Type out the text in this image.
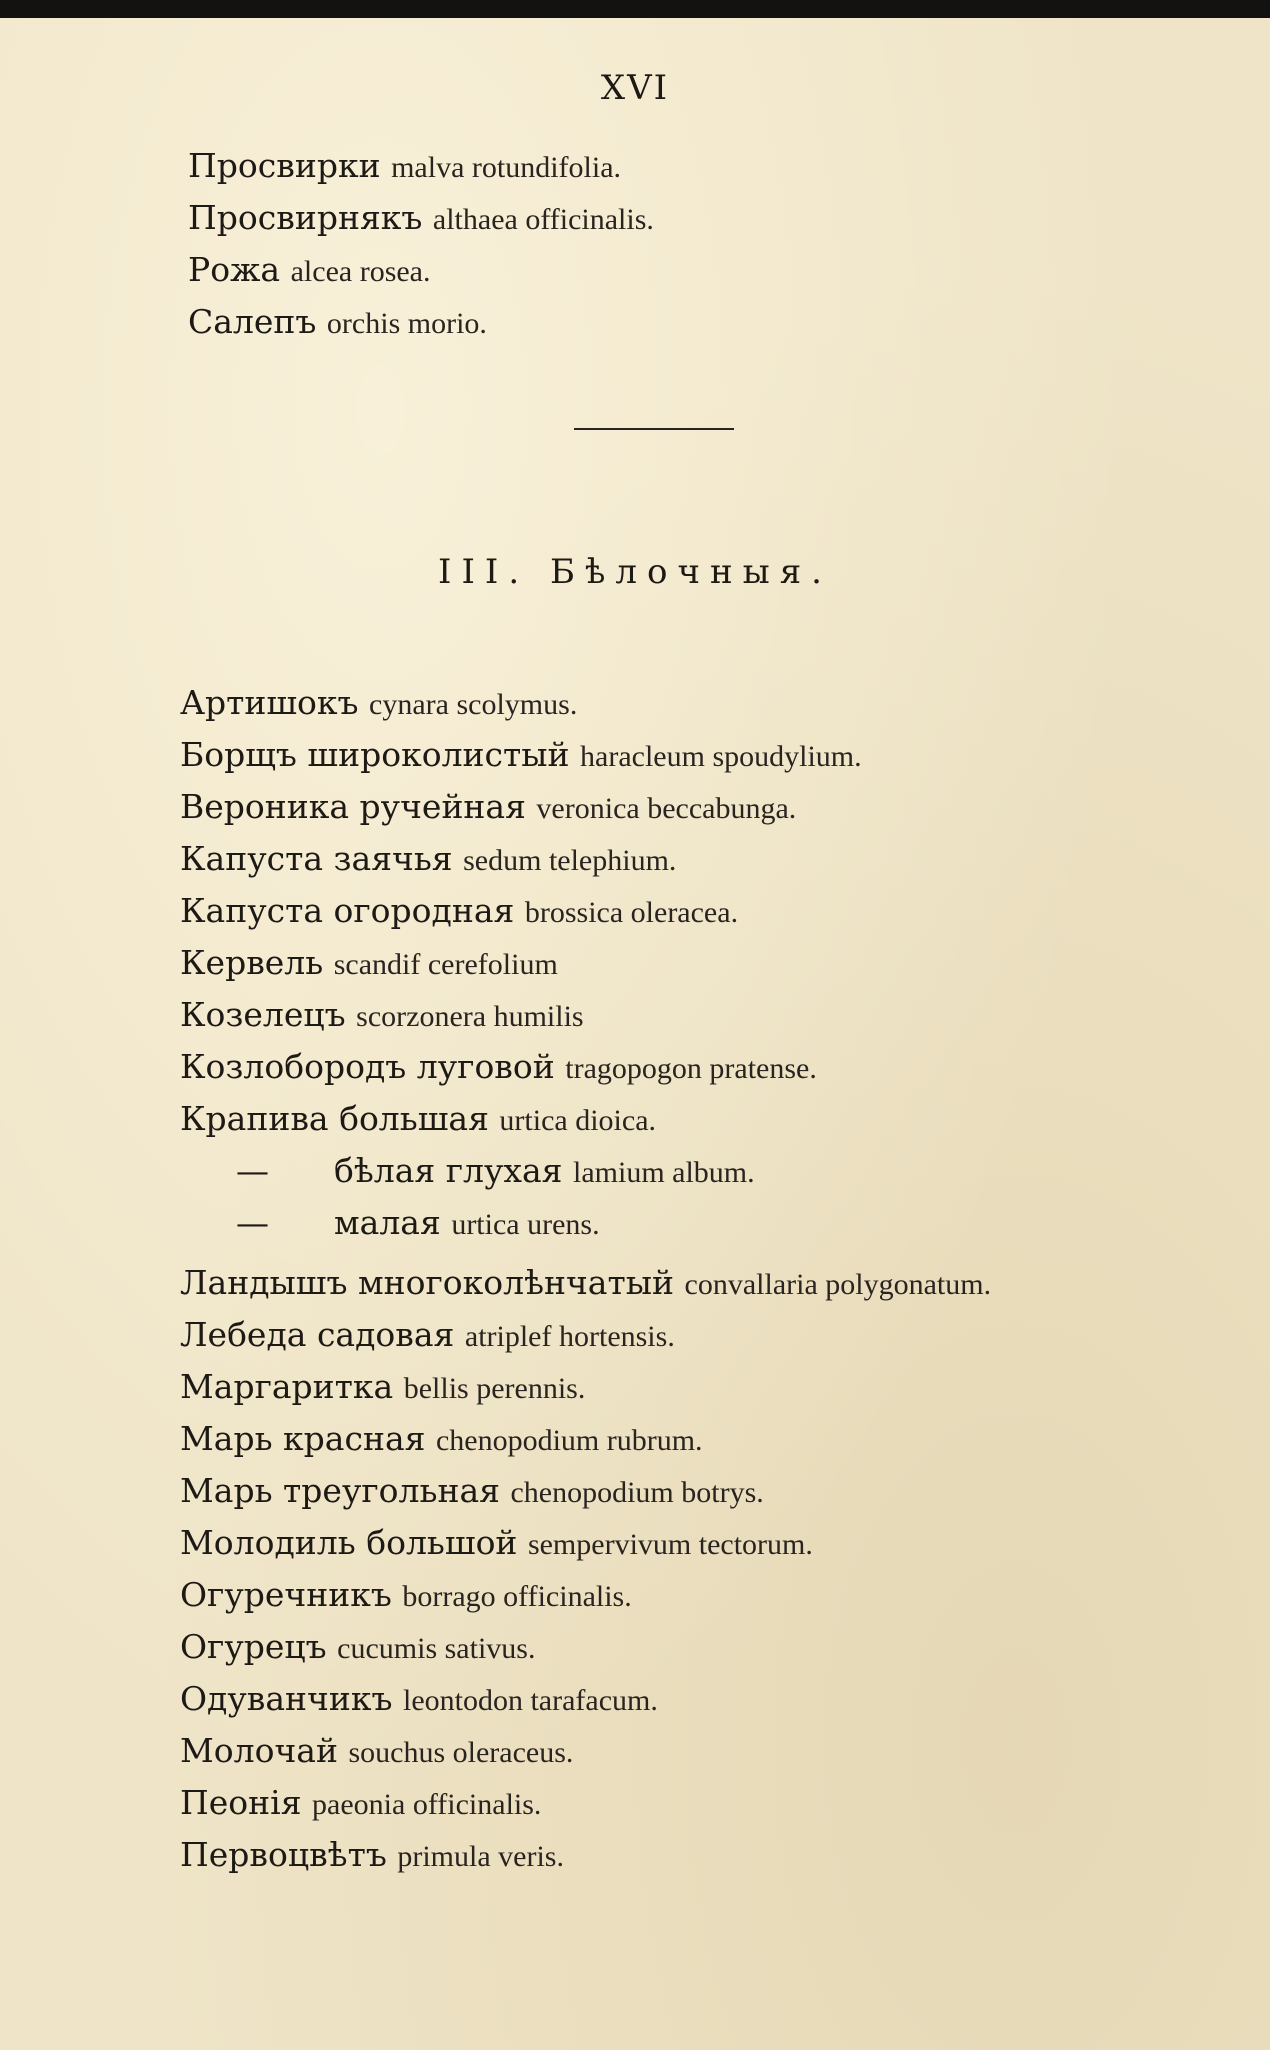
XVI
Просвирки malva rotundifolia.
Просвирнякъ althaea officinalis.
Рожа alcea rosea.
Салепъ orchis morio.
III. Бѣлочныя.
Артишокъ cynara scolymus.
Борщъ широколистый haracleum spoudylium.
Вероника ручейная veronica beccabunga.
Капуста заячья sedum telephium.
Капуста огородная brossica oleracea.
Кервель scandif cerefolium
Козелецъ scorzonera humilis
Козлобородъ луговой tragopogon pratense.
Крапива большая urtica dioica.
— бѣлая глухая lamium album.
— малая urtica urens.
Ландышъ многоколѣнчатый convallaria polygonatum.
Лебеда садовая atriplef hortensis.
Маргаритка bellis perennis.
Марь красная chenopodium rubrum.
Марь треугольная chenopodium botrys.
Молодиль большой sempervivum tectorum.
Огуречникъ borrago officinalis.
Огурецъ cucumis sativus.
Одуванчикъ leontodon tarafacum.
Молочай souchus oleraceus.
Пеонія paeonia officinalis.
Первоцвѣтъ primula veris.
